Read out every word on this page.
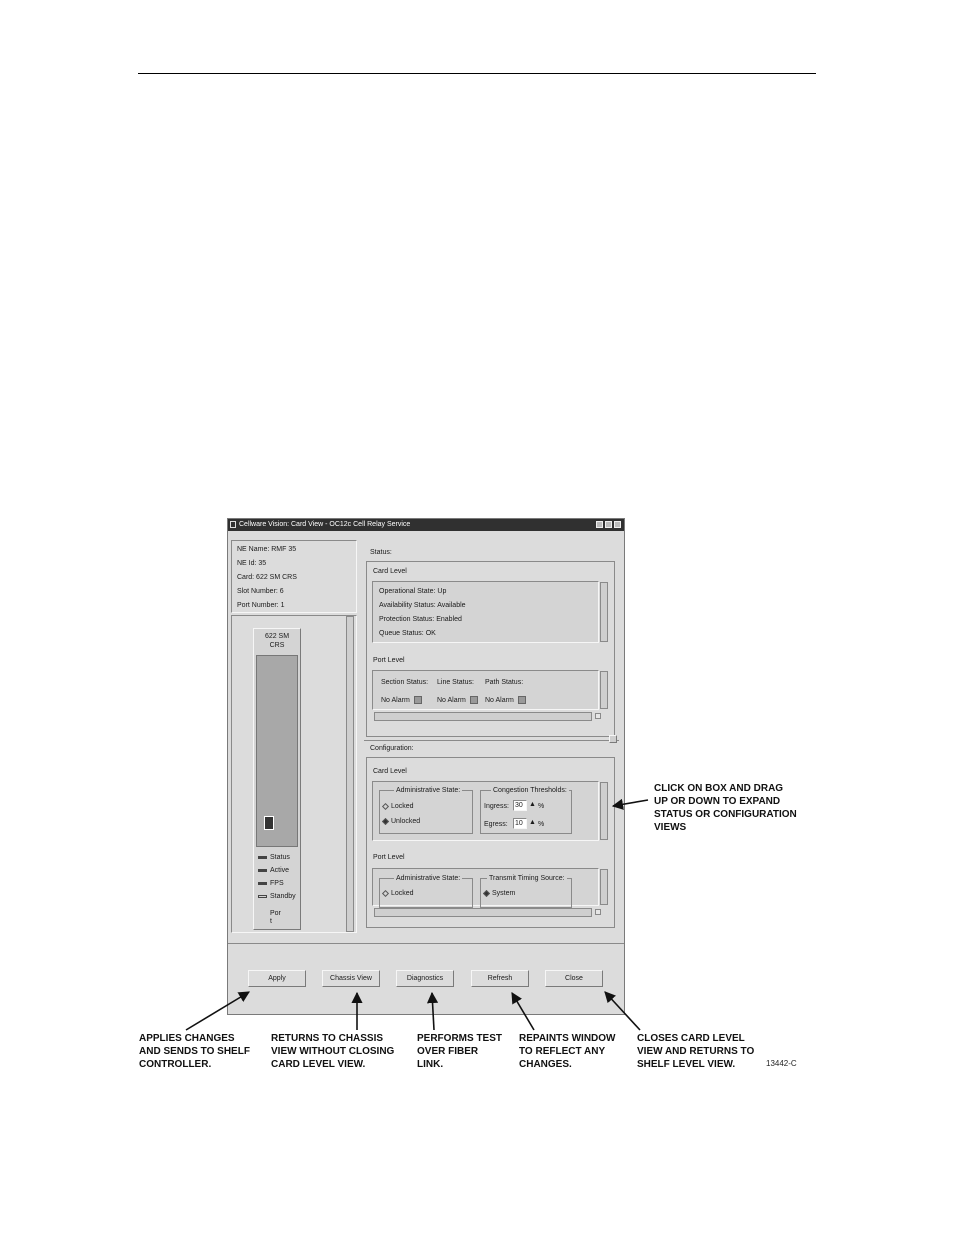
Cellware Vision: Card View - OC12c Cell Relay Service
NE Name: RMF 35
NE Id: 35
Card: 622 SM CRS
Slot Number: 6
Port Number: 1
622 SM
CRS
Status
Active
FPS
Standby
Por
t
Status:
Card Level
Operational State: Up
Availability Status: Available
Protection Status: Enabled
Queue Status: OK
Port Level
Section Status: Line Status: Path Status:
No Alarm	No Alarm	No Alarm
Configuration:
Card Level
Administrative State:
Locked
Unlocked
Congestion Thresholds:
Ingress: 30 ▲ %
Egress: 10 ▲ %
Port Level
Administrative State:
Locked
Transmit Timing Source:
System
Apply	Chassis View	Diagnostics	Refresh	Close
CLICK ON BOX AND DRAG
UP OR DOWN TO EXPAND
STATUS OR CONFIGURATION
VIEWS
APPLIES CHANGES
AND SENDS TO SHELF
CONTROLLER.
RETURNS TO CHASSIS
VIEW WITHOUT CLOSING
CARD LEVEL VIEW.
PERFORMS TEST
OVER FIBER
LINK.
REPAINTS WINDOW
TO REFLECT ANY
CHANGES.
CLOSES CARD LEVEL
VIEW AND RETURNS TO
SHELF LEVEL VIEW.	13442-C
